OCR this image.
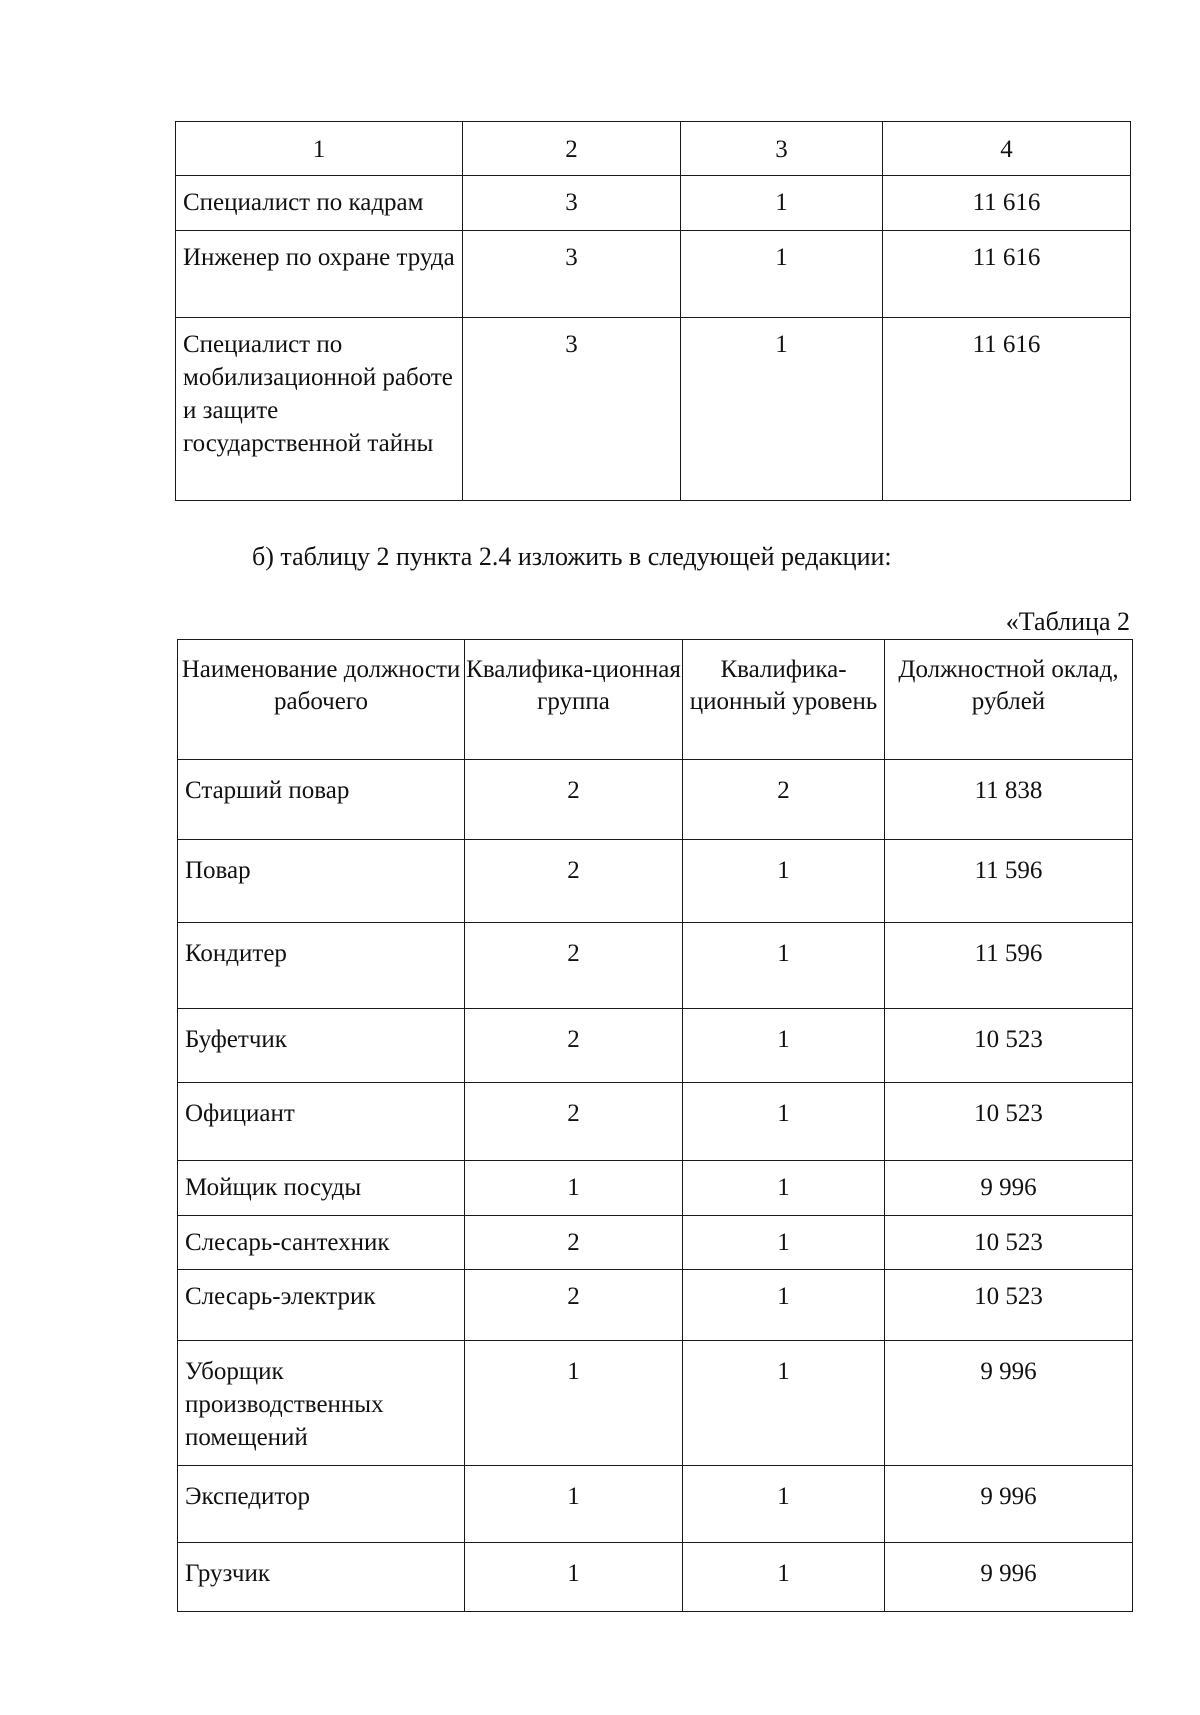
1	2	3	4
Специалист по кадрам	3	1	11 616
Инженер по охране труда	3	1	11 616
Специалист по мобилизационной работе и защите государственной тайны	3	1	11 616
б) таблицу 2 пункта 2.4 изложить в следующей редакции:
«Таблица 2
Наименование должности рабочего	Квалифика-ционная группа	Квалифика-ционный уровень	Должностной оклад, рублей
Старший повар	2	2	11 838
Повар	2	1	11 596
Кондитер	2	1	11 596
Буфетчик	2	1	10 523
Официант	2	1	10 523
Мойщик посуды	1	1	9 996
Слесарь-сантехник	2	1	10 523
Слесарь-электрик	2	1	10 523
Уборщик производственных помещений	1	1	9 996
Экспедитор	1	1	9 996
Грузчик	1	1	9 996
